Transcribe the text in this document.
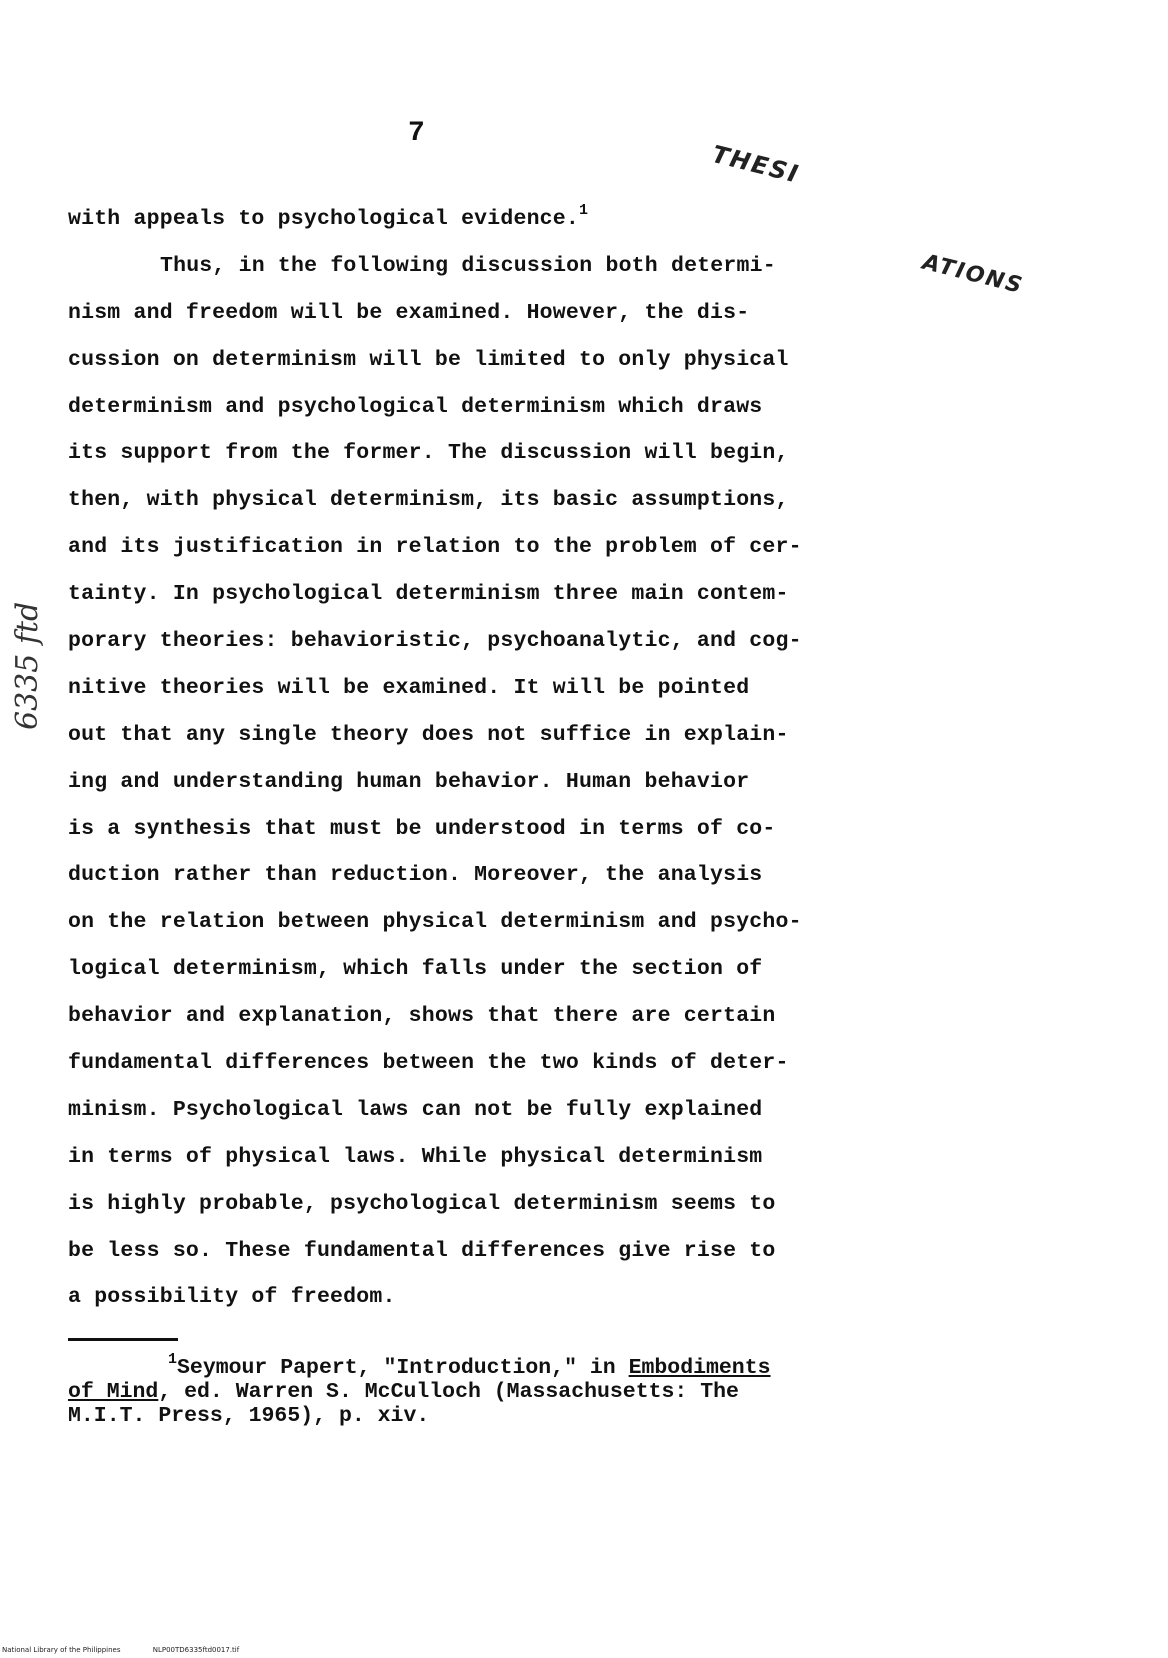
7
THESI
ATIONS
6335 ftd
with appeals to psychological evidence.$^1$
Thus, in the following discussion both determi-
nism and freedom will be examined. However, the dis-
cussion on determinism will be limited to only physical
determinism and psychological determinism which draws
its support from the former. The discussion will begin,
then, with physical determinism, its basic assumptions,
and its justification in relation to the problem of cer-
tainty. In psychological determinism three main contem-
porary theories: behavioristic, psychoanalytic, and cog-
nitive theories will be examined. It will be pointed
out that any single theory does not suffice in explain-
ing and understanding human behavior. Human behavior
is a synthesis that must be understood in terms of co-
duction rather than reduction. Moreover, the analysis
on the relation between physical determinism and psycho-
logical determinism, which falls under the section of
behavior and explanation, shows that there are certain
fundamental differences between the two kinds of deter-
minism. Psychological laws can not be fully explained
in terms of physical laws. While physical determinism
is highly probable, psychological determinism seems to
be less so. These fundamental differences give rise to
a possibility of freedom.
$^1$Seymour Papert, "Introduction," in Embodiments
of Mind, ed. Warren S. McCulloch (Massachusetts: The
M.I.T. Press, 1965), p. xiv.
National Library of the Philippines	NLP00TD6335ftd0017.tif
